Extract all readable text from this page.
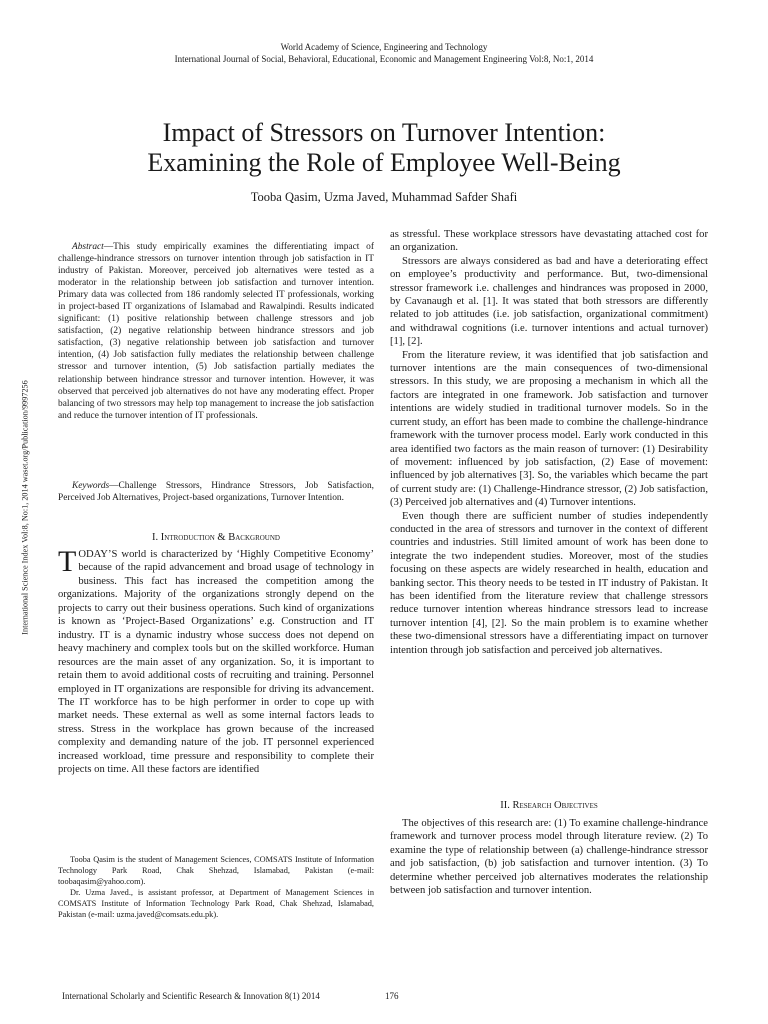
World Academy of Science, Engineering and Technology
International Journal of Social, Behavioral, Educational, Economic and Management Engineering Vol:8, No:1, 2014
Impact of Stressors on Turnover Intention:
Examining the Role of Employee Well-Being
Tooba Qasim, Uzma Javed, Muhammad Safder Shafi
International Science Index Vol:8, No:1, 2014 waset.org/Publication/9997256
Abstract—This study empirically examines the differentiating impact of challenge-hindrance stressors on turnover intention through job satisfaction in IT industry of Pakistan. Moreover, perceived job alternatives were tested as a moderator in the relationship between job satisfaction and turnover intention. Primary data was collected from 186 randomly selected IT professionals, working in project-based IT organizations of Islamabad and Rawalpindi. Results indicated significant: (1) positive relationship between challenge stressors and job satisfaction, (2) negative relationship between hindrance stressors and job satisfaction, (3) negative relationship between job satisfaction and turnover intention, (4) Job satisfaction fully mediates the relationship between challenge stressor and turnover intention, (5) Job satisfaction partially mediates the relationship between hindrance stressor and turnover intention. However, it was observed that perceived job alternatives do not have any moderating effect. Proper balancing of two stressors may help top management to increase the job satisfaction and reduce the turnover intention of IT professionals.
Keywords—Challenge Stressors, Hindrance Stressors, Job Satisfaction, Perceived Job Alternatives, Project-based organizations, Turnover Intention.
I. Introduction & Background
TODAY’S world is characterized by ‘Highly Competitive Economy’ because of the rapid advancement and broad usage of technology in business. This fact has increased the competition among the organizations. Majority of the organizations strongly depend on the projects to carry out their business operations. Such kind of organizations is known as ‘Project-Based Organizations’ e.g. Construction and IT industry. IT is a dynamic industry whose success does not depend on heavy machinery and complex tools but on the skilled workforce. Human resources are the main asset of any organization. So, it is important to retain them to avoid additional costs of recruiting and training. Personnel employed in IT organizations are responsible for driving its advancement. The IT workforce has to be high performer in order to cope up with market needs. These external as well as some internal factors leads to stress. Stress in the workplace has grown because of the increased complexity and demanding nature of the job. IT personnel experienced increased workload, time pressure and responsibility to complete their projects on time. All these factors are identified

Tooba Qasim is the student of Management Sciences, COMSATS Institute of Information Technology Park Road, Chak Shehzad, Islamabad, Pakistan (e-mail: toobaqasim@yahoo.com).

Dr. Uzma Javed., is assistant professor, at Department of Management Sciences in COMSATS Institute of Information Technology Park Road, Chak Shehzad, Islamabad, Pakistan (e-mail: uzma.javed@comsats.edu.pk).

as stressful. These workplace stressors have devastating attached cost for an organization.

Stressors are always considered as bad and have a deteriorating effect on employee’s productivity and performance. But, two-dimensional stressor framework i.e. challenges and hindrances was proposed in 2000, by Cavanaugh et al. [1]. It was stated that both stressors are differently related to job attitudes (i.e. job satisfaction, organizational commitment) and withdrawal cognitions (i.e. turnover intentions and actual turnover) [1], [2].

From the literature review, it was identified that job satisfaction and turnover intentions are the main consequences of two-dimensional stressors. In this study, we are proposing a mechanism in which all the factors are integrated in one framework. Job satisfaction and turnover intentions are widely studied in traditional turnover models. So in the current study, an effort has been made to combine the challenge-hindrance framework with the turnover process model. Early work conducted in this area identified two factors as the main reason of turnover: (1) Desirability of movement: influenced by job satisfaction, (2) Ease of movement: influenced by job alternatives [3]. So, the variables which became the part of current study are: (1) Challenge-Hindrance stressor, (2) Job satisfaction, (3) Perceived job alternatives and (4) Turnover intentions.

Even though there are sufficient number of studies independently conducted in the area of stressors and turnover in the context of different countries and industries. Still limited amount of work has been done to integrate the two independent studies. Moreover, most of the studies focusing on these aspects are widely researched in health, education and banking sector. This theory needs to be tested in IT industry of Pakistan. It has been identified from the literature review that challenge stressors reduce turnover intention whereas hindrance stressors lead to increase turnover intention [4], [2]. So the main problem is to examine whether these two-dimensional stressors have a differentiating impact on turnover intention through job satisfaction and perceived job alternatives.

II. Research Objectives
The objectives of this research are: (1) To examine challenge-hindrance framework and turnover process model through literature review. (2) To examine the type of relationship between (a) challenge-hindrance stressor and job satisfaction, (b) job satisfaction and turnover intention. (3) To determine whether perceived job alternatives moderates the relationship between job satisfaction and turnover intention.
International Scholarly and Scientific Research & Innovation 8(1) 2014	176
